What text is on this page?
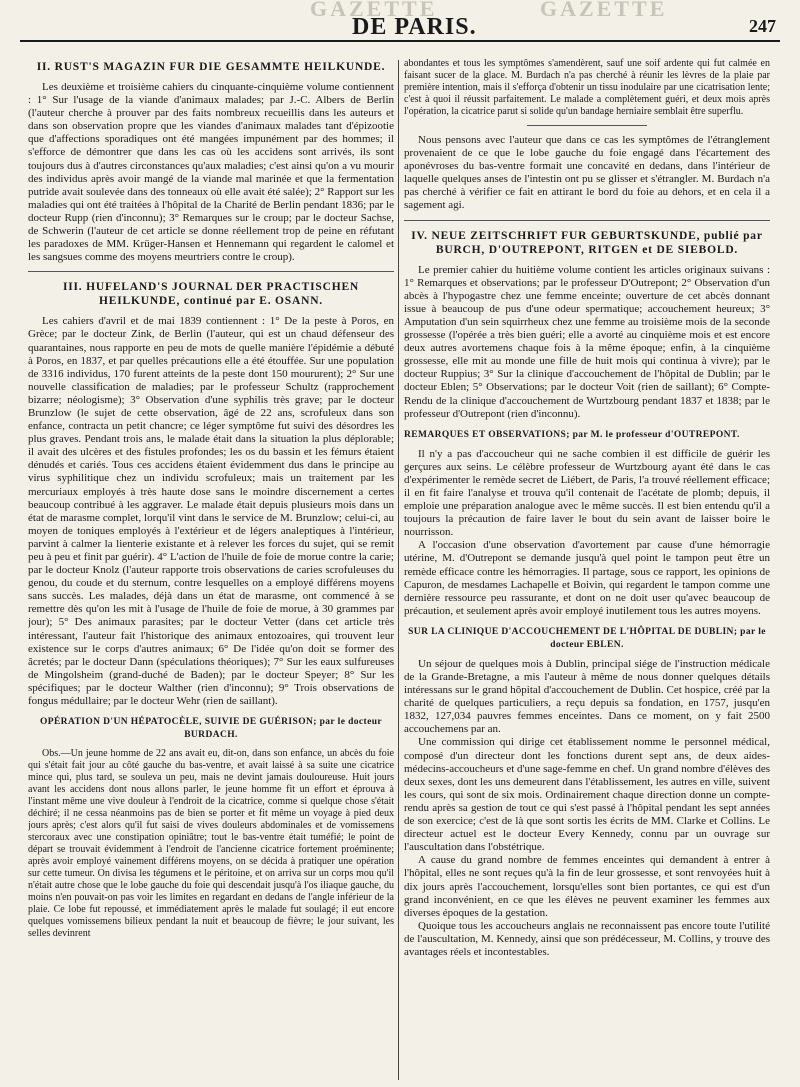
GAZETTE	GAZETTE
DE PARIS.	247
II. RUST'S MAGAZIN FUR DIE GESAMMTE HEILKUNDE.

Les deuxième et troisième cahiers du cinquante-cinquième volume contiennent : 1° Sur l'usage de la viande d'animaux malades; par J.-C. Albers de Berlin (l'auteur cherche à prouver par des faits nombreux recueillis dans les auteurs et dans son observation propre que les viandes d'animaux malades tant d'épizootie que d'affections sporadiques ont été mangées impunément par des hommes; il s'efforce de démontrer que dans les cas où les accidens sont arrivés, ils sont toujours dus à d'autres circonstances qu'aux maladies; c'est ainsi qu'on a vu mourir des individus après avoir mangé de la viande mal marinée et que la fermentation putride avait soulevée dans des tonneaux où elle avait été salée); 2° Rapport sur les maladies qui ont été traitées à l'hôpital de la Charité de Berlin pendant 1836; par le docteur Rupp (rien d'inconnu); 3° Remarques sur le croup; par le docteur Sachse, de Schwerin (l'auteur de cet article se donne réellement trop de peine en réfutant les paradoxes de MM. Krüger-Hansen et Hennemann qui regardent le calomel et les sangsues comme des moyens meurtriers contre le croup).

III. HUFELAND'S JOURNAL DER PRACTISCHEN HEILKUNDE, continué par E. OSANN.

Les cahiers d'avril et de mai 1839 contiennent : 1° De la peste à Poros, en Grèce; par le docteur Zink, de Berlin (l'auteur, qui est un chaud défenseur des quarantaines, nous rapporte en peu de mots de quelle manière l'épidémie a débuté à Poros, en 1837, et par quelles précautions elle a été étouffée. Sur une population de 3316 individus, 170 furent atteints de la peste dont 150 moururent); 2° Sur une nouvelle classification de maladies; par le professeur Schultz (rapprochement bizarre; néologisme); 3° Observation d'une syphilis très grave; par le docteur Brunzlow (le sujet de cette observation, âgé de 22 ans, scrofuleux dans son enfance, contracta un petit chancre; ce léger symptôme fut suivi des désordres les plus graves. Pendant trois ans, le malade était dans la situation la plus déplorable; il avait des ulcères et des fistules profondes; les os du bassin et les fémurs étaient dénudés et cariés. Tous ces accidens étaient évidemment dus dans le principe au virus syphilitique chez un individu scrofuleux; mais un traitement par les mercuriaux employés à très haute dose sans le moindre discernement a certes beaucoup contribué à les aggraver. Le malade était depuis plusieurs mois dans un état de marasme complet, lorqu'il vint dans le service de M. Brunzlow; celui-ci, au moyen de toniques employés à l'extérieur et de légers analeptiques à l'intérieur, parvint à calmer la lienterie existante et à relever les forces du sujet, qui se remit peu à peu et finit par guérir). 4° L'action de l'huile de foie de morue contre la carie; par le docteur Knolz (l'auteur rapporte trois observations de caries scrofuleuses du genou, du coude et du sternum, contre lesquelles on a employé différens moyens sans succès. Les malades, déjà dans un état de marasme, ont commencé à se remettre dès qu'on les mit à l'usage de l'huile de foie de morue, à 30 grammes par jour); 5° Des animaux parasites; par le docteur Vetter (dans cet article très intéressant, l'auteur fait l'historique des animaux entozoaires, qui trouvent leur existence sur le corps d'autres animaux; 6° De l'idée qu'on doit se former des âcretés; par le docteur Dann (spéculations théoriques); 7° Sur les eaux sulfureuses de Mingolsheim (grand-duché de Baden); par le docteur Speyer; 8° Sur les spécifiques; par le docteur Walther (rien d'inconnu); 9° Trois observations de fongus médullaire; par le docteur Wehr (rien de saillant).

OPÉRATION D'UN HÉPATOCÈLE, SUIVIE DE GUÉRISON; par le docteur BURDACH.

Obs.—Un jeune homme de 22 ans avait eu, dit-on, dans son enfance, un abcès du foie qui s'était fait jour au côté gauche du bas-ventre, et avait laissé à sa suite une cicatrice mince qui, plus tard, se souleva un peu, mais ne devint jamais douloureuse. Huit jours avant les accidens dont nous allons parler, le jeune homme fit un effort et éprouva à l'instant même une vive douleur à l'endroit de la cicatrice, comme si quelque chose s'était déchiré; il ne cessa néanmoins pas de bien se porter et fit même un voyage à pied deux jours après; c'est alors qu'il fut saisi de vives douleurs abdominales et de vomissemens stercoraux avec une constipation opiniâtre; tout le bas-ventre était tuméfié; le point de départ se trouvait évidemment à l'endroit de l'ancienne cicatrice fortement proéminente; après avoir employé vainement différens moyens, on se décida à pratiquer une opération sur cette tumeur. On divisa les tégumens et le péritoine, et on arriva sur un corps mou qu'il n'était autre chose que le lobe gauche du foie qui descendait jusqu'à l'os iliaque gauche, du moins n'en pouvait-on pas voir les limites en regardant en dedans de l'angle inférieur de la plaie. Ce lobe fut repoussé, et immédiatement après le malade fut soulagé; il eut encore quelques vomissemens bilieux pendant la nuit et beaucoup de fièvre; le jour suivant, les selles devinrent

abondantes et tous les symptômes s'amendèrent, sauf une soif ardente qui fut calmée en faisant sucer de la glace. M. Burdach n'a pas cherché à réunir les lèvres de la plaie par première intention, mais il s'efforça d'obtenir un tissu inodulaire par une cicatrisation lente; c'est à quoi il réussit parfaitement. Le malade a complètement guéri, et deux mois après l'opération, la cicatrice parut si solide qu'un bandage herniaire semblait être superflu.

Nous pensons avec l'auteur que dans ce cas les symptômes de l'étranglement provenaient de ce que le lobe gauche du foie engagé dans l'écartement des aponévroses du bas-ventre formait une concavité en dedans, dans l'intérieur de laquelle quelques anses de l'intestin ont pu se glisser et s'étrangler. M. Burdach n'a pas cherché à vérifier ce fait en attirant le bord du foie au dehors, et en cela il a sagement agi.

IV. NEUE ZEITSCHRIFT FUR GEBURTSKUNDE, publié par BURCH, D'OUTREPONT, RITGEN et DE SIEBOLD.

Le premier cahier du huitième volume contient les articles originaux suivans : 1° Remarques et observations; par le professeur D'Outrepont; 2° Observation d'un abcès à l'hypogastre chez une femme enceinte; ouverture de cet abcès donnant issue à beaucoup de pus d'une odeur spermatique; accouchement heureux; 3° Amputation d'un sein squirrheux chez une femme au troisième mois de la seconde grossesse (l'opérée a très bien guéri; elle a avorté au cinquième mois et est encore deux autres avortemens chaque fois à la même époque; enfin, à la cinquième grossesse, elle mit au monde une fille de huit mois qui continua à vivre); par le docteur Ruppius; 3° Sur la clinique d'accouchement de l'hôpital de Dublin; par le docteur Eblen; 5° Observations; par le docteur Voit (rien de saillant); 6° Compte-Rendu de la clinique d'accouchement de Wurtzbourg pendant 1837 et 1838; par le professeur d'Outrepont (rien d'inconnu).

REMARQUES ET OBSERVATIONS; par M. le professeur d'OUTREPONT.

Il n'y a pas d'accoucheur qui ne sache combien il est difficile de guérir les gerçures aux seins. Le célèbre professeur de Wurtzbourg ayant été dans le cas d'expérimenter le remède secret de Liébert, de Paris, l'a trouvé réellement efficace; il en fit faire l'analyse et trouva qu'il contenait de l'acétate de plomb; depuis, il emploie une préparation analogue avec le même succès. Il est bien entendu qu'il a toujours la précaution de faire laver le bout du sein avant de laisser boire le nourrisson.

A l'occasion d'une observation d'avortement par cause d'une hémorragie utérine, M. d'Outrepont se demande jusqu'à quel point le tampon peut être un remède efficace contre les hémorragies. Il partage, sous ce rapport, les opinions de Capuron, de mesdames Lachapelle et Boivin, qui regardent le tampon comme une dernière ressource peu rassurante, et dont on ne doit user qu'avec beaucoup de précaution, et seulement après avoir employé inutilement tous les autres moyens.

SUR LA CLINIQUE D'ACCOUCHEMENT DE L'HÔPITAL DE DUBLIN; par le docteur EBLEN.

Un séjour de quelques mois à Dublin, principal siége de l'instruction médicale de la Grande-Bretagne, a mis l'auteur à même de nous donner quelques détails intéressans sur le grand hôpital d'accouchement de Dublin. Cet hospice, créé par la charité de quelques particuliers, a reçu depuis sa fondation, en 1757, jusqu'en 1832, 127,034 pauvres femmes enceintes. Dans ce moment, on y fait 2500 accouchemens par an.

Une commission qui dirige cet établissement nomme le personnel médical, composé d'un directeur dont les fonctions durent sept ans, de deux aides-médecins-accoucheurs et d'une sage-femme en chef. Un grand nombre d'élèves des deux sexes, dont les uns demeurent dans l'établissement, les autres en ville, suivent les cours, qui sont de six mois. Ordinairement chaque direction donne un compte-rendu après sa gestion de tout ce qui s'est passé à l'hôpital pendant les sept années de son exercice; c'est de là que sont sortis les écrits de MM. Clarke et Collins. Le directeur actuel est le docteur Every Kennedy, connu par un ouvrage sur l'auscultation dans l'obstétrique.

A cause du grand nombre de femmes enceintes qui demandent à entrer à l'hôpital, elles ne sont reçues qu'à la fin de leur grossesse, et sont renvoyées huit à dix jours après l'accouchement, lorsqu'elles sont bien portantes, ce qui est d'un grand inconvénient, en ce que les élèves ne peuvent examiner les femmes aux diverses époques de la gestation.

Quoique tous les accoucheurs anglais ne reconnaissent pas encore toute l'utilité de l'auscultation, M. Kennedy, ainsi que son prédécesseur, M. Collins, y trouve des avantages réels et incontestables.
